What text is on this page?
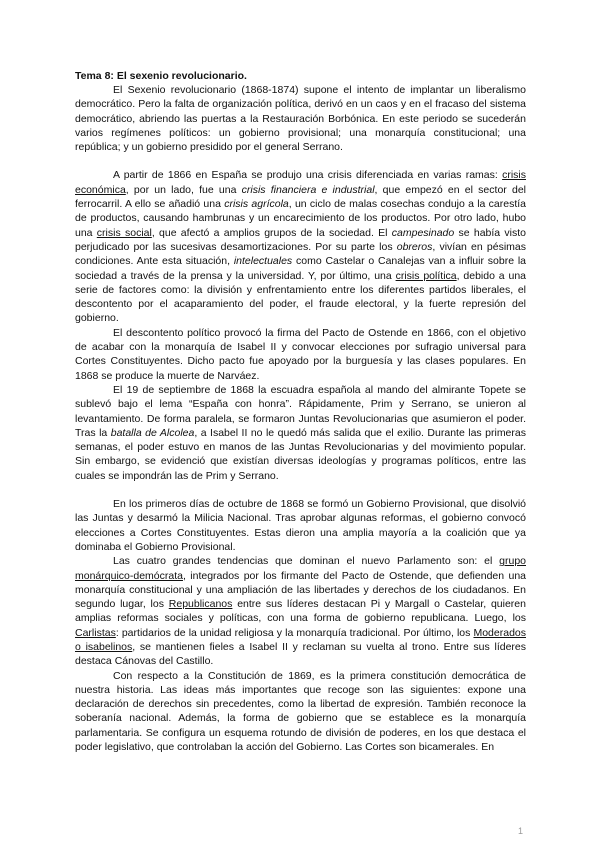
Tema 8: El sexenio revolucionario.

El Sexenio revolucionario (1868-1874) supone el intento de implantar un liberalismo democrático. Pero la falta de organización política, derivó en un caos y en el fracaso del sistema democrático, abriendo las puertas a la Restauración Borbónica. En este periodo se sucederán varios regímenes políticos: un gobierno provisional; una monarquía constitucional; una república; y un gobierno presidido por el general Serrano.

A partir de 1866 en España se produjo una crisis diferenciada en varias ramas: crisis económica, por un lado, fue una crisis financiera e industrial, que empezó en el sector del ferrocarril. A ello se añadió una crisis agrícola, un ciclo de malas cosechas condujo a la carestía de productos, causando hambrunas y un encarecimiento de los productos. Por otro lado, hubo una crisis social, que afectó a amplios grupos de la sociedad. El campesinado se había visto perjudicado por las sucesivas desamortizaciones. Por su parte los obreros, vivían en pésimas condiciones. Ante esta situación, intelectuales como Castelar o Canalejas van a influir sobre la sociedad a través de la prensa y la universidad. Y, por último, una crisis política, debido a una serie de factores como: la división y enfrentamiento entre los diferentes partidos liberales, el descontento por el acaparamiento del poder, el fraude electoral, y la fuerte represión del gobierno.

El descontento político provocó la firma del Pacto de Ostende en 1866, con el objetivo de acabar con la monarquía de Isabel II y convocar elecciones por sufragio universal para Cortes Constituyentes. Dicho pacto fue apoyado por la burguesía y las clases populares. En 1868 se produce la muerte de Narváez.

El 19 de septiembre de 1868 la escuadra española al mando del almirante Topete se sublevó bajo el lema “España con honra”. Rápidamente, Prim y Serrano, se unieron al levantamiento. De forma paralela, se formaron Juntas Revolucionarias que asumieron el poder. Tras la batalla de Alcolea, a Isabel II no le quedó más salida que el exilio. Durante las primeras semanas, el poder estuvo en manos de las Juntas Revolucionarias y del movimiento popular. Sin embargo, se evidenció que existían diversas ideologías y programas políticos, entre las cuales se impondrán las de Prim y Serrano.

En los primeros días de octubre de 1868 se formó un Gobierno Provisional, que disolvió las Juntas y desarmó la Milicia Nacional. Tras aprobar algunas reformas, el gobierno convocó elecciones a Cortes Constituyentes. Estas dieron una amplia mayoría a la coalición que ya dominaba el Gobierno Provisional.

Las cuatro grandes tendencias que dominan el nuevo Parlamento son: el grupo monárquico-demócrata, integrados por los firmante del Pacto de Ostende, que defienden una monarquía constitucional y una ampliación de las libertades y derechos de los ciudadanos. En segundo lugar, los Republicanos entre sus líderes destacan Pi y Margall o Castelar, quieren amplias reformas sociales y políticas, con una forma de gobierno republicana. Luego, los Carlistas: partidarios de la unidad religiosa y la monarquía tradicional. Por último, los Moderados o isabelinos, se mantienen fieles a Isabel II y reclaman su vuelta al trono. Entre sus líderes destaca Cánovas del Castillo.

Con respecto a la Constitución de 1869, es la primera constitución democrática de nuestra historia. Las ideas más importantes que recoge son las siguientes: expone una declaración de derechos sin precedentes, como la libertad de expresión. También reconoce la soberanía nacional. Además, la forma de gobierno que se establece es la monarquía parlamentaria. Se configura un esquema rotundo de división de poderes, en los que destaca el poder legislativo, que controlaban la acción del Gobierno. Las Cortes son bicamerales. En

1
